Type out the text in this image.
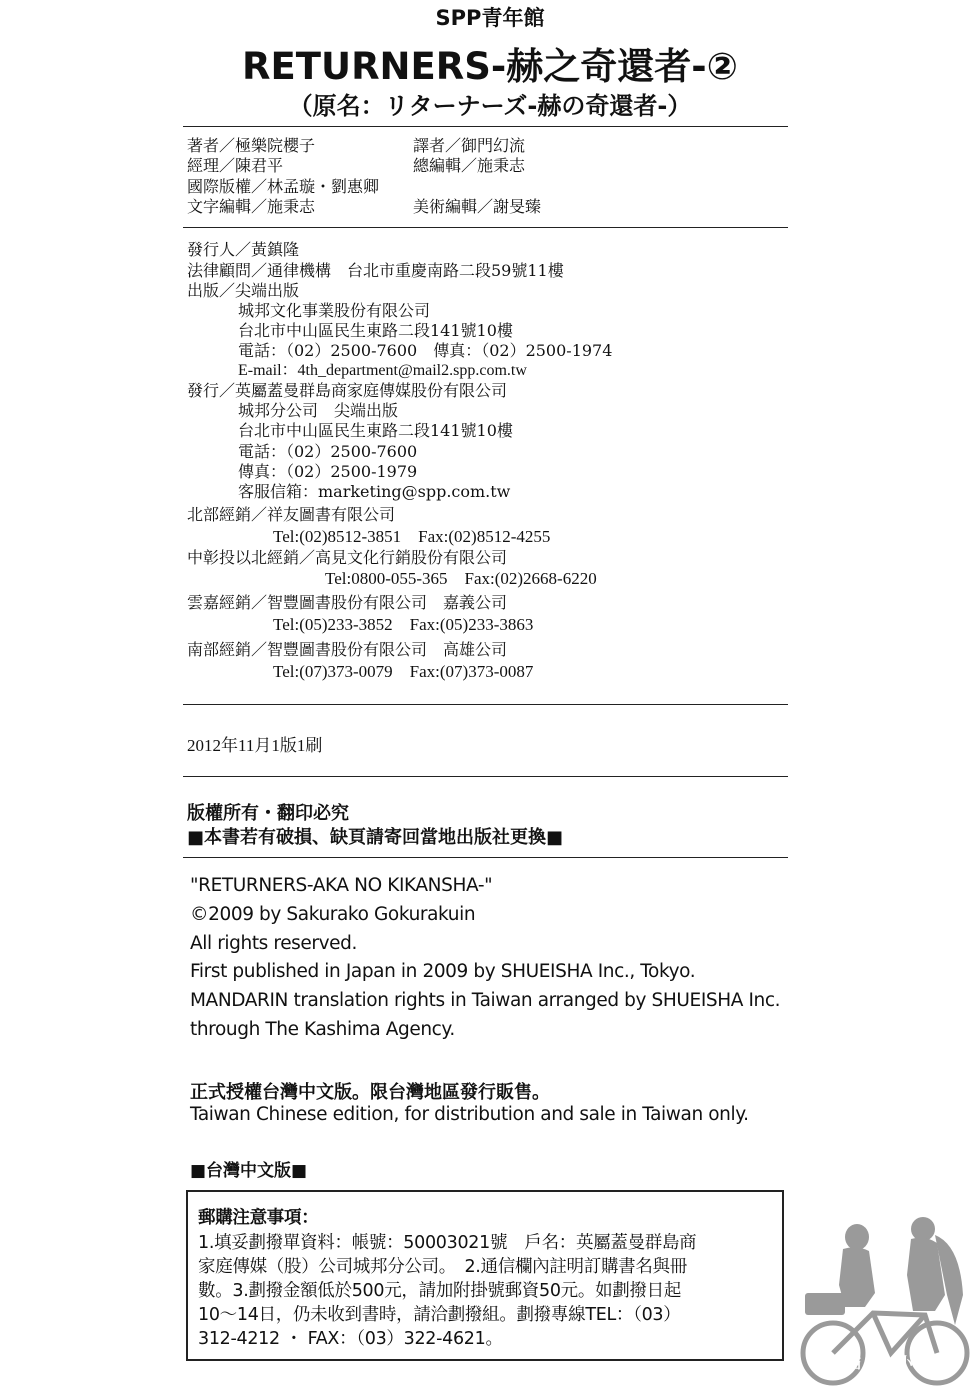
SPP青年館
RETURNERS-赫之奇還者-②
（原名：リターナーズ-赫の奇還者-）
著者／極樂院櫻子	譯者／御門幻流
經理／陳君平	總編輯／施秉志
國際版權／林孟璇・劉惠卿
文字編輯／施秉志	美術編輯／謝旻臻
發行人／黃鎮隆
法律顧問／通律機構　台北市重慶南路二段59號11樓
出版／尖端出版
城邦文化事業股份有限公司
台北市中山區民生東路二段141號10樓
電話：（02）2500-7600　傳真：（02）2500-1974
E-mail：4th_department@mail2.spp.com.tw
發行／英屬蓋曼群島商家庭傳媒股份有限公司
城邦分公司　尖端出版
台北市中山區民生東路二段141號10樓
電話：（02）2500-7600
傳真：（02）2500-1979
客服信箱：marketing@spp.com.tw
北部經銷／祥友圖書有限公司
Tel:(02)8512-3851　Fax:(02)8512-4255
中彰投以北經銷／高見文化行銷股份有限公司
Tel:0800-055-365　Fax:(02)2668-6220
雲嘉經銷／智豐圖書股份有限公司　嘉義公司
Tel:(05)233-3852　Fax:(05)233-3863
南部經銷／智豐圖書股份有限公司　高雄公司
Tel:(07)373-0079　Fax:(07)373-0087
2012年11月1版1刷
版權所有・翻印必究
■本書若有破損、缺頁請寄回當地出版社更換■
"RETURNERS-AKA NO KIKANSHA-"
©2009 by Sakurako Gokurakuin
All rights reserved.
First published in Japan in 2009 by SHUEISHA Inc., Tokyo.
MANDARIN translation rights in Taiwan arranged by SHUEISHA Inc.
through The Kashima Agency.
正式授權台灣中文版。限台灣地區發行販售。
Taiwan Chinese edition, for distribution and sale in Taiwan only.
■台灣中文版■
郵購注意事項：
1.填妥劃撥單資料：帳號：50003021號　戶名：英屬蓋曼群島商
家庭傳媒（股）公司城邦分公司。　2.通信欄內註明訂購書名與冊
數。3.劃撥金額低於500元，請加附掛號郵資50元。如劃撥日起
10～14日，仍未收到書時，請洽劃撥組。劃撥專線TEL：（03）
312-4212 ・ FAX：（03）322-4621。
掃描 By 小毆
萌萌的天堂
